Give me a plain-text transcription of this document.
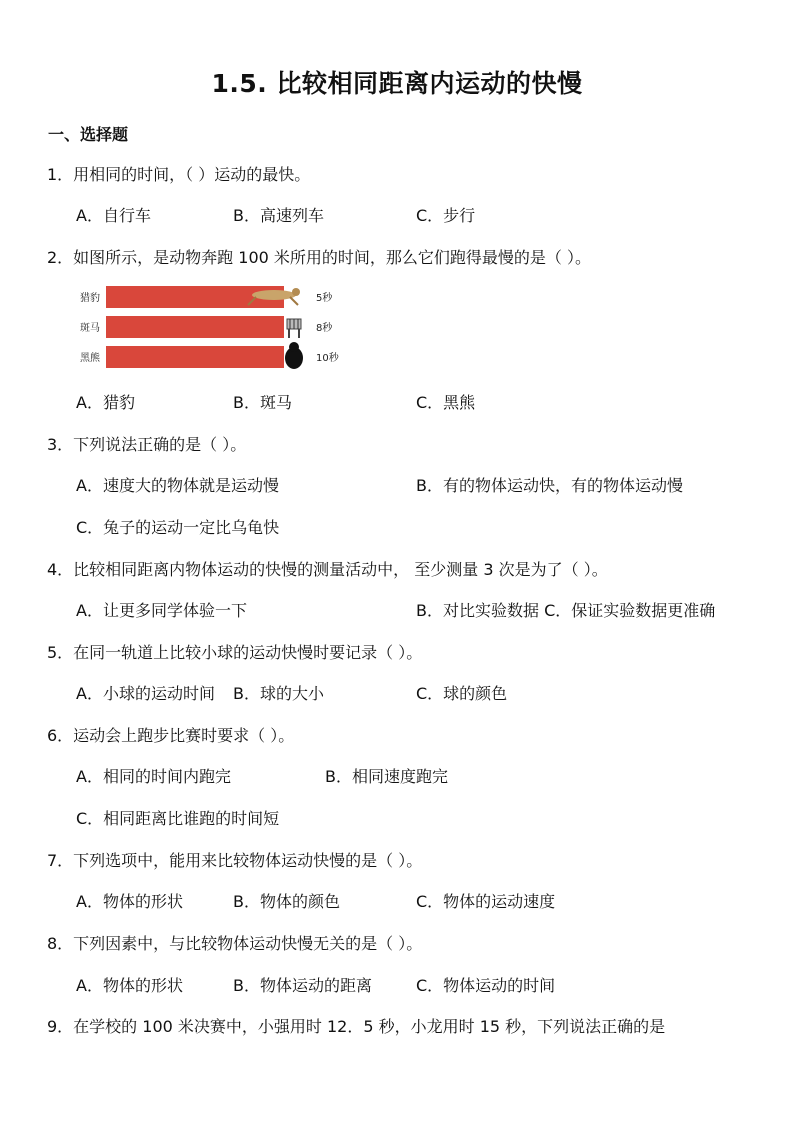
1.5. 比较相同距离内运动的快慢
一、选择题
1．用相同的时间，（ ）运动的最快。
A．自行车	B．高速列车	C．步行
2．如图所示，是动物奔跑 100 米所用的时间，那么它们跑得最慢的是（ ）。
猎豹	5秒
斑马	8秒
黑熊	10秒
A．猎豹	B．斑马	C．黑熊
3．下列说法正确的是（ ）。
A．速度大的物体就是运动慢	B．有的物体运动快，有的物体运动慢
C．兔子的运动一定比乌龟快
4．比较相同距离内物体运动的快慢的测量活动中， 至少测量 3 次是为了（ ）。
A．让更多同学体验一下	B．对比实验数据 C．保证实验数据更准确
5．在同一轨道上比较小球的运动快慢时要记录（ ）。
A．小球的运动时间 B．球的大小	C．球的颜色
6．运动会上跑步比赛时要求（ ）。
A．相同的时间内跑完	B．相同速度跑完
C．相同距离比谁跑的时间短
7．下列选项中，能用来比较物体运动快慢的是（ ）。
A．物体的形状	B．物体的颜色	C．物体的运动速度
8．下列因素中，与比较物体运动快慢无关的是（ ）。
A．物体的形状	B．物体运动的距离	C．物体运动的时间
9．在学校的 100 米决赛中，小强用时 12．5 秒，小龙用时 15 秒，下列说法正确的是
